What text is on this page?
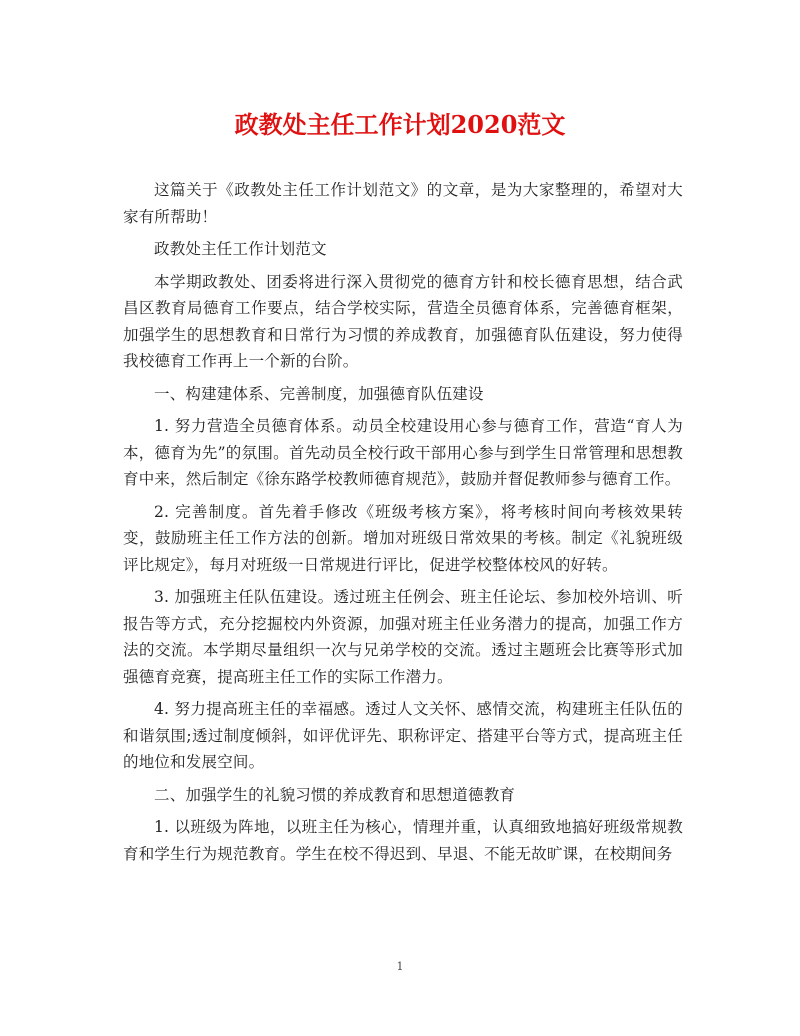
政教处主任工作计划2020范文

这篇关于《政教处主任工作计划范文》的文章，是为大家整理的，希望对大家有所帮助！

政教处主任工作计划范文

本学期政教处、团委将进行深入贯彻党的德育方针和校长德育思想，结合武昌区教育局德育工作要点，结合学校实际，营造全员德育体系，完善德育框架，加强学生的思想教育和日常行为习惯的养成教育，加强德育队伍建设，努力使得我校德育工作再上一个新的台阶。

一、构建建体系、完善制度，加强德育队伍建设

1. 努力营造全员德育体系。动员全校建设用心参与德育工作，营造“育人为本，德育为先”的氛围。首先动员全校行政干部用心参与到学生日常管理和思想教育中来，然后制定《徐东路学校教师德育规范》，鼓励并督促教师参与德育工作。

2. 完善制度。首先着手修改《班级考核方案》，将考核时间向考核效果转变，鼓励班主任工作方法的创新。增加对班级日常效果的考核。制定《礼貌班级评比规定》，每月对班级一日常规进行评比，促进学校整体校风的好转。

3. 加强班主任队伍建设。透过班主任例会、班主任论坛、参加校外培训、听报告等方式，充分挖掘校内外资源，加强对班主任业务潜力的提高，加强工作方法的交流。本学期尽量组织一次与兄弟学校的交流。透过主题班会比赛等形式加强德育竞赛，提高班主任工作的实际工作潜力。

4. 努力提高班主任的幸福感。透过人文关怀、感情交流，构建班主任队伍的和谐氛围;透过制度倾斜，如评优评先、职称评定、搭建平台等方式，提高班主任的地位和发展空间。

二、加强学生的礼貌习惯的养成教育和思想道德教育

1. 以班级为阵地，以班主任为核心，情理并重，认真细致地搞好班级常规教育和学生行为规范教育。学生在校不得迟到、早退、不能无故旷课，在校期间务

1
